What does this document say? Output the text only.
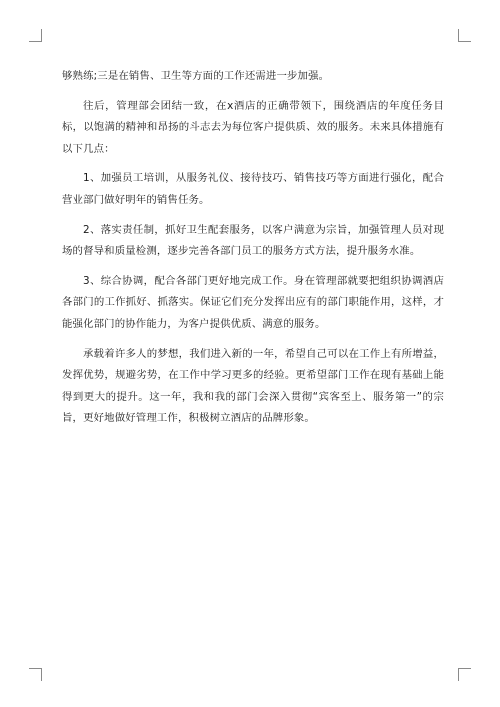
够熟练;三是在销售、卫生等方面的工作还需进一步加强。

往后，管理部会团结一致，在x酒店的正确带领下，围绕酒店的年度任务目标，以饱满的精神和昂扬的斗志去为每位客户提供质、效的服务。未来具体措施有以下几点：

1、加强员工培训，从服务礼仪、接待技巧、销售技巧等方面进行强化，配合营业部门做好明年的销售任务。

2、落实责任制，抓好卫生配套服务，以客户满意为宗旨，加强管理人员对现场的督导和质量检测，逐步完善各部门员工的服务方式方法，提升服务水准。

3、综合协调，配合各部门更好地完成工作。身在管理部就要把组织协调酒店各部门的工作抓好、抓落实。保证它们充分发挥出应有的部门职能作用，这样，才能强化部门的协作能力，为客户提供优质、满意的服务。

承载着许多人的梦想，我们进入新的一年，希望自己可以在工作上有所增益，发挥优势，规避劣势，在工作中学习更多的经验。更希望部门工作在现有基础上能得到更大的提升。这一年，我和我的部门会深入贯彻“宾客至上、服务第一”的宗旨，更好地做好管理工作，积极树立酒店的品牌形象。
